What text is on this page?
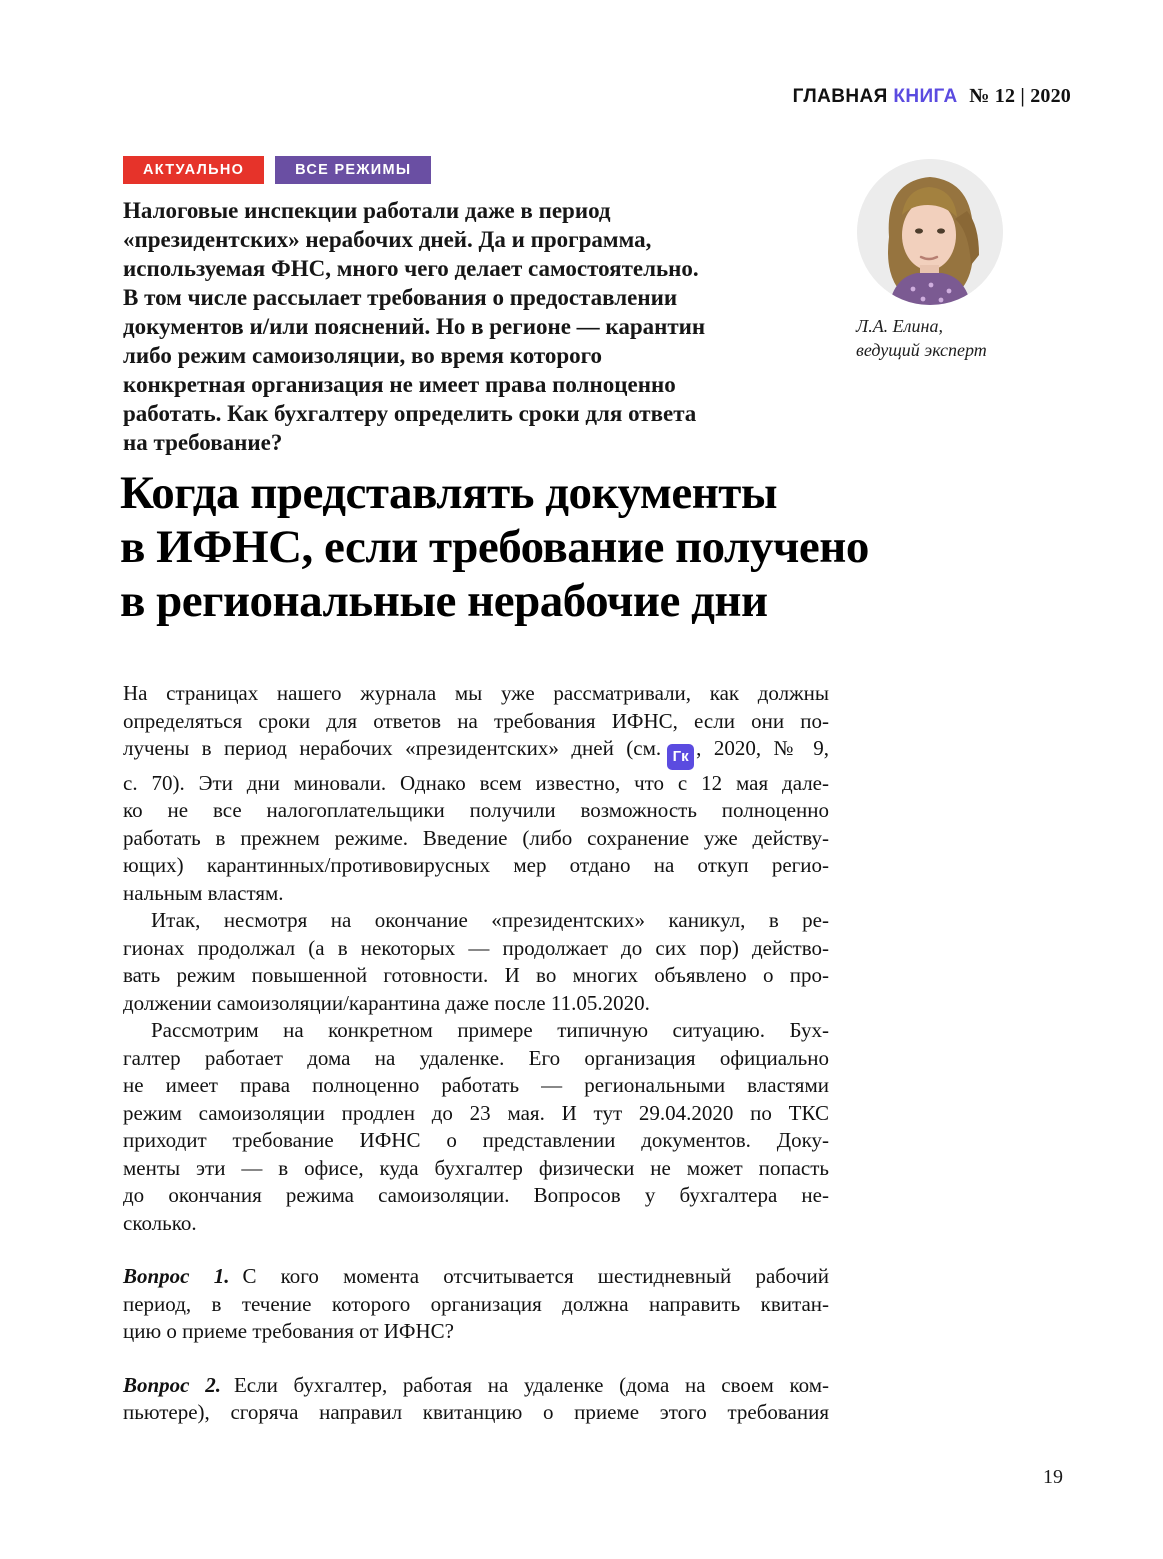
ГЛАВНАЯ КНИГА № 12 | 2020
АКТУАЛЬНО	ВСЕ РЕЖИМЫ
Налоговые инспекции работали даже в период
«президентских» нерабочих дней. Да и программа,
используемая ФНС, много чего делает самостоятельно.
В том числе рассылает требования о предоставлении
документов и/или пояснений. Но в регионе — карантин
либо режим самоизоляции, во время которого
конкретная организация не имеет права полноценно
работать. Как бухгалтеру определить сроки для ответа
на требование?
Л.А. Елина,
ведущий эксперт
Когда представлять документы
в ИФНС, если требование получено
в региональные нерабочие дни
На страницах нашего журнала мы уже рассматривали, как должны
определяться сроки для ответов на требования ИФНС, если они по-
лучены в период нерабочих «президентских» дней (см. Гк , 2020, № 9,
с. 70). Эти дни миновали. Однако всем известно, что с 12 мая дале-
ко не все налогоплательщики получили возможность полноценно
работать в прежнем режиме. Введение (либо сохранение уже действу-
ющих) карантинных/противовирусных мер отдано на откуп регио-
нальным властям.
Итак, несмотря на окончание «президентских» каникул, в ре-
гионах продолжал (а в некоторых — продолжает до сих пор) действо-
вать режим повышенной готовности. И во многих объявлено о про-
должении самоизоляции/карантина даже после 11.05.2020.
Рассмотрим на конкретном примере типичную ситуацию. Бух-
галтер работает дома на удаленке. Его организация официально
не имеет права полноценно работать — региональными властями
режим самоизоляции продлен до 23 мая. И тут 29.04.2020 по ТКС
приходит требование ИФНС о представлении документов. Доку-
менты эти — в офисе, куда бухгалтер физически не может попасть
до окончания режима самоизоляции. Вопросов у бухгалтера не-
сколько.
Вопрос 1. С кого момента отсчитывается шестидневный рабочий
период, в течение которого организация должна направить квитан-
цию о приеме требования от ИФНС?
Вопрос 2. Если бухгалтер, работая на удаленке (дома на своем ком-
пьютере), сгоряча направил квитанцию о приеме этого требования
19
